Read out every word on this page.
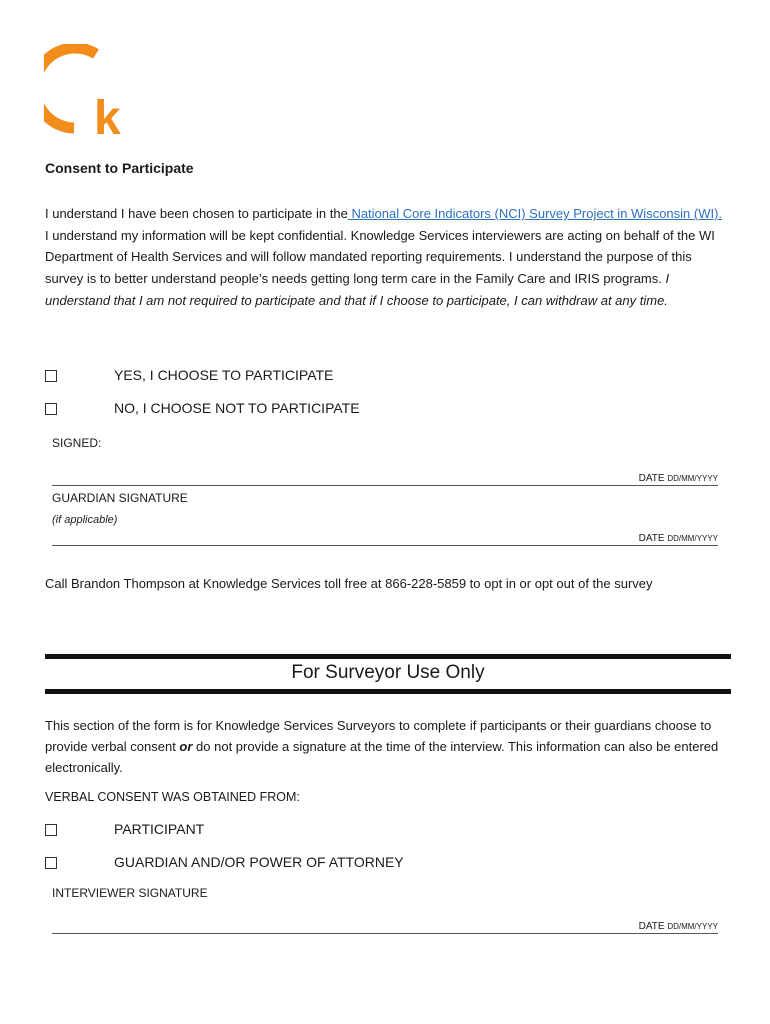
k
Consent to Participate
I understand I have been chosen to participate in the National Core Indicators (NCI) Survey Project in Wisconsin (WI). I understand my information will be kept confidential. Knowledge Services interviewers are acting on behalf of the WI Department of Health Services and will follow mandated reporting requirements. I understand the purpose of this survey is to better understand people’s needs getting long term care in the Family Care and IRIS programs. I understand that I am not required to participate and that if I choose to participate, I can withdraw at any time.
YES, I CHOOSE TO PARTICIPATE
NO, I CHOOSE NOT TO PARTICIPATE
SIGNED:
DATE DD/MM/YYYY
GUARDIAN SIGNATURE
(if applicable)
DATE DD/MM/YYYY
Call Brandon Thompson at Knowledge Services toll free at 866-228-5859 to opt in or opt out of the survey
For Surveyor Use Only
This section of the form is for Knowledge Services Surveyors to complete if participants or their guardians choose to provide verbal consent or do not provide a signature at the time of the interview. This information can also be entered electronically.
VERBAL CONSENT WAS OBTAINED FROM:
PARTICIPANT
GUARDIAN AND/OR POWER OF ATTORNEY
INTERVIEWER SIGNATURE
DATE DD/MM/YYYY
